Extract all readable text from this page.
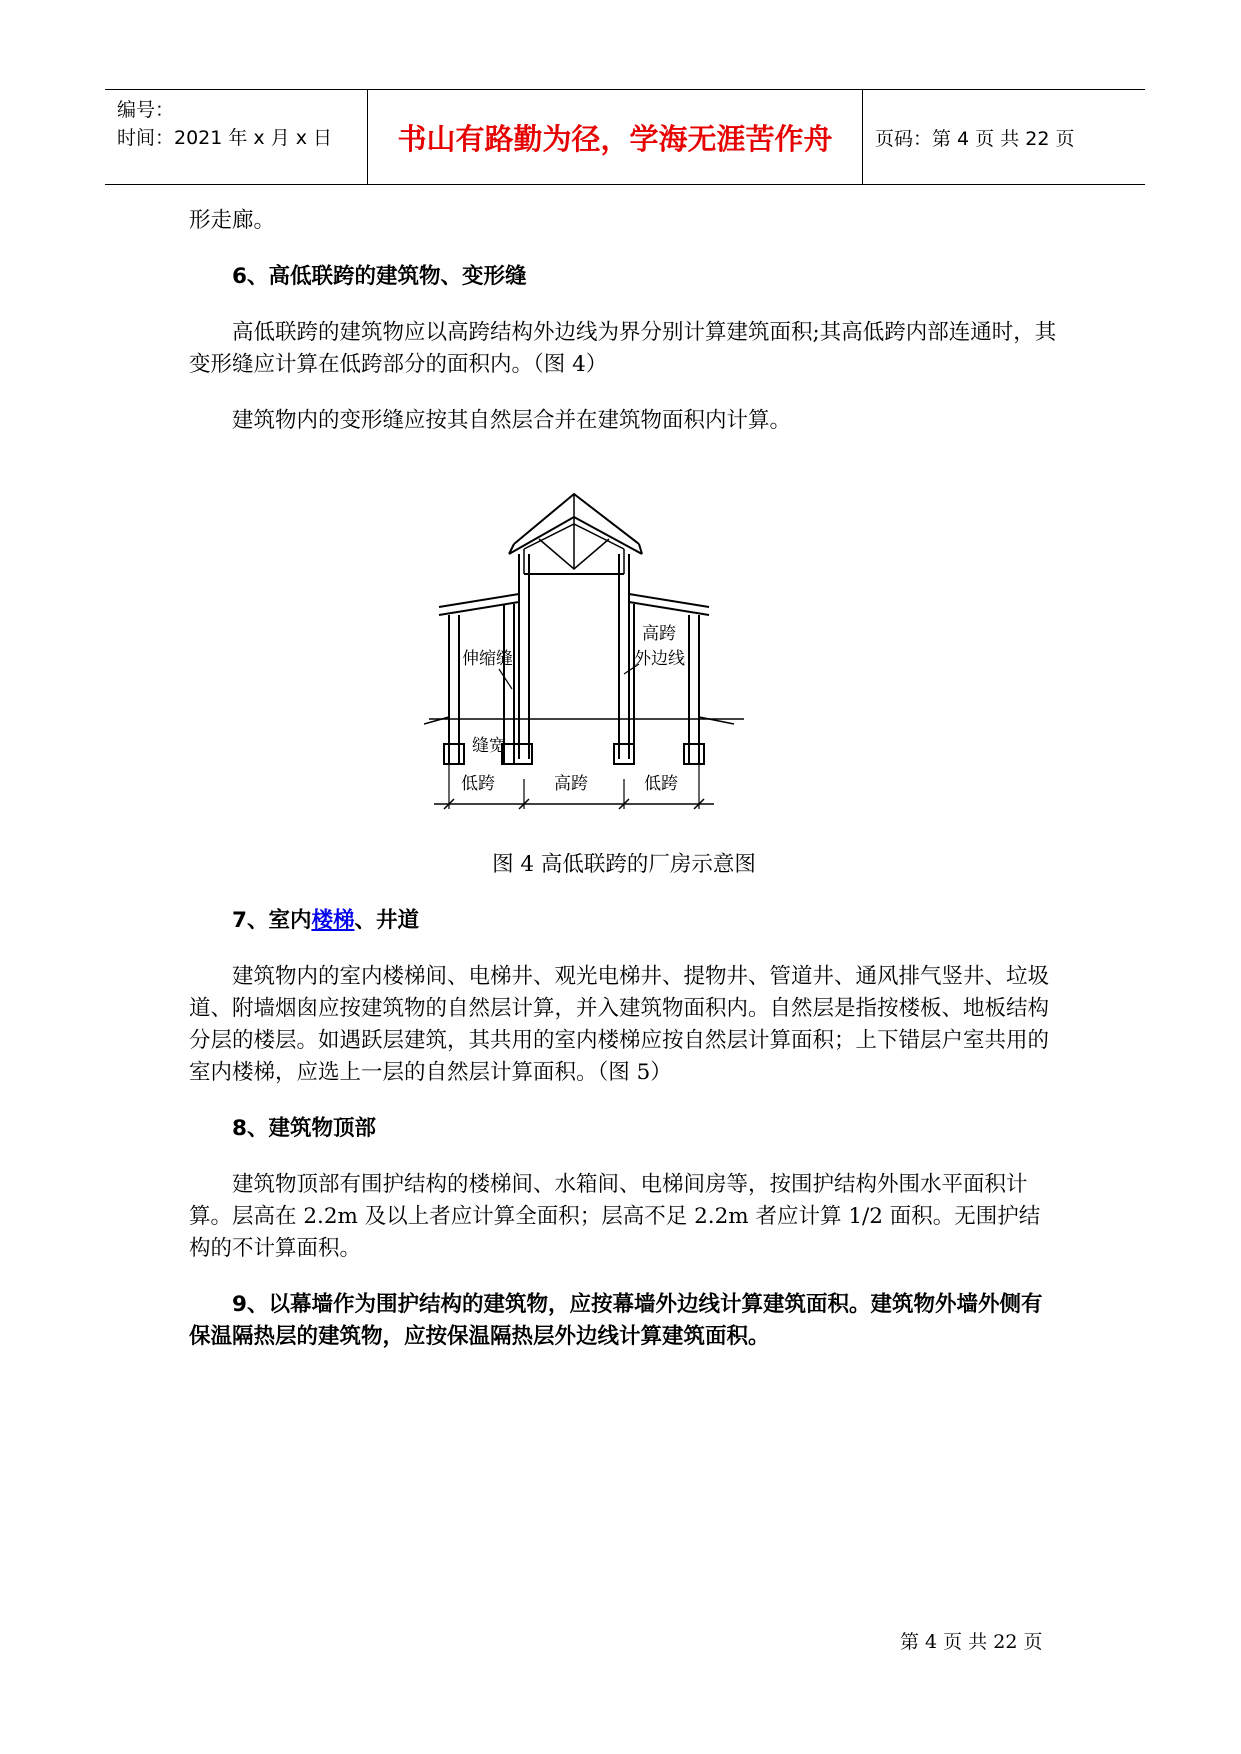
编号：
时间：2021 年 x 月 x 日	书山有路勤为径，学海无涯苦作舟	页码：第 4 页 共 22 页

形走廊。

6、高低联跨的建筑物、变形缝

高低联跨的建筑物应以高跨结构外边线为界分别计算建筑面积;其高低跨内部连通时，其变形缝应计算在低跨部分的面积内。（图 4）

建筑物内的变形缝应按其自然层合并在建筑物面积内计算。

伸缩缝
高跨
外边线
缝宽
低跨	高跨	低跨

图 4 高低联跨的厂房示意图

7、室内楼梯、井道

建筑物内的室内楼梯间、电梯井、观光电梯井、提物井、管道井、通风排气竖井、垃圾道、附墙烟囱应按建筑物的自然层计算，并入建筑物面积内。自然层是指按楼板、地板结构分层的楼层。如遇跃层建筑，其共用的室内楼梯应按自然层计算面积；上下错层户室共用的室内楼梯，应选上一层的自然层计算面积。（图 5）

8、建筑物顶部

建筑物顶部有围护结构的楼梯间、水箱间、电梯间房等，按围护结构外围水平面积计算。层高在 2.2m 及以上者应计算全面积；层高不足 2.2m 者应计算 1/2 面积。无围护结构的不计算面积。

9、以幕墙作为围护结构的建筑物，应按幕墙外边线计算建筑面积。建筑物外墙外侧有保温隔热层的建筑物，应按保温隔热层外边线计算建筑面积。

第 4 页 共 22 页
